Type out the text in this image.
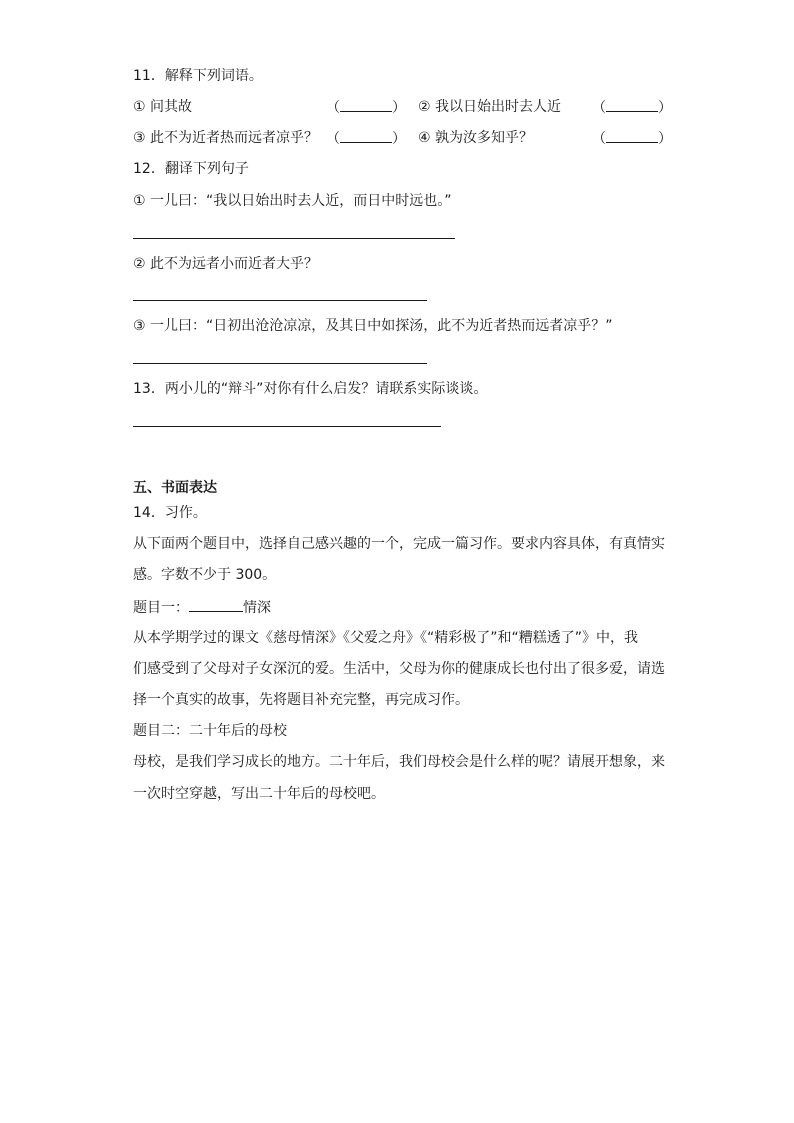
11．解释下列词语。
① 问其故	（	） ② 我以日始出时去人近 （	）
③ 此不为近者热而远者凉乎？ （	） ④ 孰为汝多知乎？	（	）
12．翻译下列句子
① 一儿曰：“我以日始出时去人近，而日中时远也。”
② 此不为远者小而近者大乎？
③ 一儿曰：“日初出沧沧凉凉，及其日中如探汤，此不为近者热而远者凉乎？”
13．两小儿的“辩斗”对你有什么启发？请联系实际谈谈。
五、书面表达
14．习作。
从下面两个题目中，选择自己感兴趣的一个，完成一篇习作。要求内容具体，有真情实
感。字数不少于 300。
题目一：	情深
从本学期学过的课文《慈母情深》《父爱之舟》《“精彩极了”和“糟糕透了”》中，我
们感受到了父母对子女深沉的爱。生活中，父母为你的健康成长也付出了很多爱，请选
择一个真实的故事，先将题目补充完整，再完成习作。
题目二：二十年后的母校
母校，是我们学习成长的地方。二十年后，我们母校会是什么样的呢？请展开想象，来
一次时空穿越，写出二十年后的母校吧。
